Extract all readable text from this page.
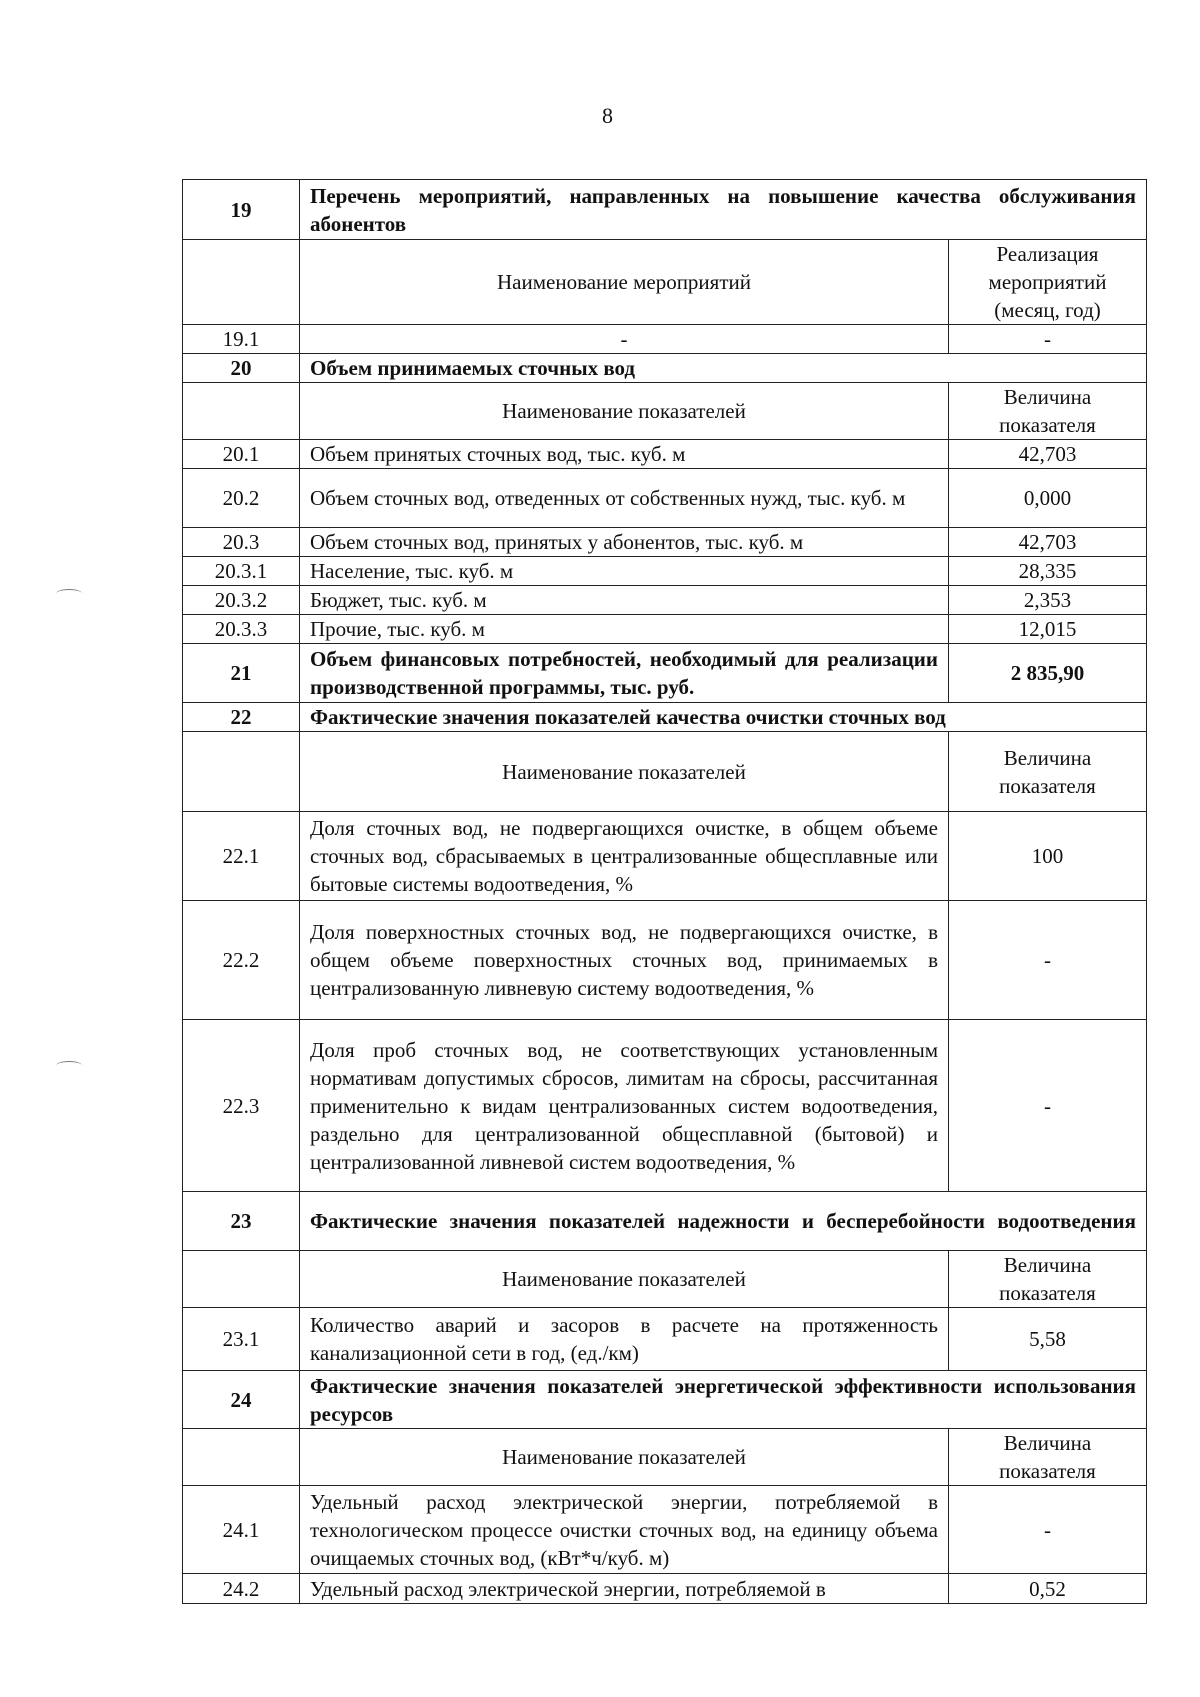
8
19	Перечень мероприятий, направленных на повышение качества обслуживания абонентов	
	Наименование мероприятий	Реализация мероприятий (месяц, год)
19.1	-	-
20	Объем принимаемых сточных вод	
	Наименование показателей	Величина показателя
20.1	Объем принятых сточных вод, тыс. куб. м	42,703
20.2	Объем сточных вод, отведенных от собственных нужд, тыс. куб. м	0,000
20.3	Объем сточных вод, принятых у абонентов, тыс. куб. м	42,703
20.3.1	Население, тыс. куб. м	28,335
20.3.2	Бюджет, тыс. куб. м	2,353
20.3.3	Прочие, тыс. куб. м	12,015
21	Объем финансовых потребностей, необходимый для реализации производственной программы, тыс. руб.	2 835,90
22	Фактические значения показателей качества очистки сточных вод	
	Наименование показателей	Величина показателя
22.1	Доля сточных вод, не подвергающихся очистке, в общем объеме сточных вод, сбрасываемых в централизованные общесплавные или бытовые системы водоотведения, %	100
22.2	Доля поверхностных сточных вод, не подвергающихся очистке, в общем объеме поверхностных сточных вод, принимаемых в централизованную ливневую систему водоотведения, %	-
22.3	Доля проб сточных вод, не соответствующих установленным нормативам допустимых сбросов, лимитам на сбросы, рассчитанная применительно к видам централизованных систем водоотведения, раздельно для централизованной общесплавной (бытовой) и централизованной ливневой систем водоотведения, %	-
23	Фактические значения показателей надежности и бесперебойности водоотведения	
	Наименование показателей	Величина показателя
23.1	Количество аварий и засоров в расчете на протяженность канализационной сети в год, (ед./км)	5,58
24	Фактические значения показателей энергетической эффективности использования ресурсов	
	Наименование показателей	Величина показателя
24.1	Удельный расход электрической энергии, потребляемой в технологическом процессе очистки сточных вод, на единицу объема очищаемых сточных вод, (кВт*ч/куб. м)	-
24.2	Удельный расход электрической энергии, потребляемой в	0,52
